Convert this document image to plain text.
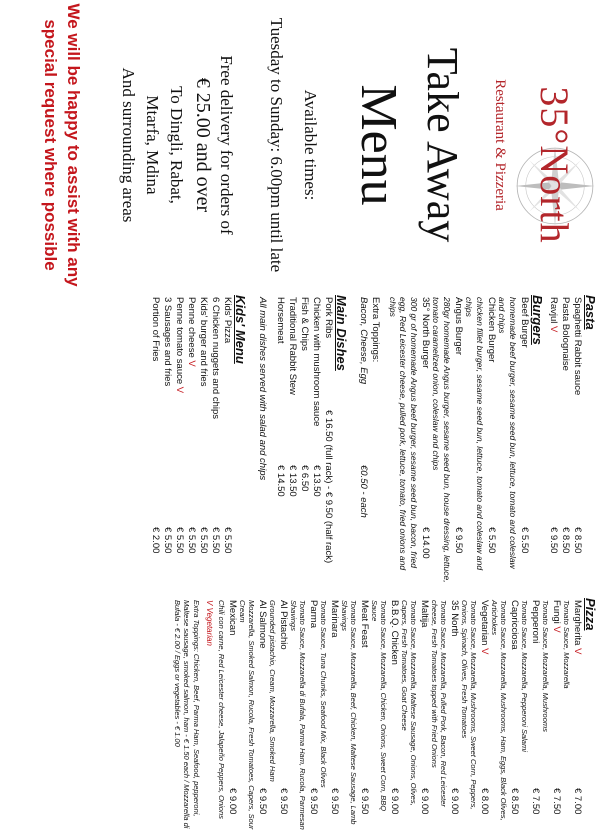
35°North
Restaurant & Pizzeria
Take Away
Menu
Available times:
Tuesday to Sunday: 6.00pm until late
Free delivery for orders of
€ 25.00 and over
To Dingli, Rabat,
Mtarfa, Mdina
And surrounding areas
We will be happy to assist with any
special request where possible
Pasta
Spaghetti Rabbit sauce
€ 8.50
Pasta Bolognaise
€ 8.50
Ravjul V
€ 9.50
Burgers
Beef Burger
€ 5.50
homemade beef burger, sesame seed bun, lettuce, tomato and coleslaw and chips
Chicken Burger
€ 5.50
chicken fillet burger, sesame seed bun, lettuce, tomato and coleslaw and chips
Angus Burger
€ 9.50
280gr homemade Angus burger, sesame seed bun, house dressing, lettuce, tomato caramelized onion, coleslaw and chips
35° North Burger
€ 14.00
300 gr of homemade Angus beef burger, sesame seed bun, bacon, fried egg, Red Leicester cheese, pulled pork, lettuce, tomato, fried onions and chips
Extra Toppings:
Bacon, Cheese, Egg
€0.50 - each
Main Dishes
Pork Ribs
€ 16.50 (full rack) - € 9.50 (half rack)
Chicken with mushroom sauce
€ 13.50
Fish & Chips
€ 6.50
Traditional Rabbit Stew
€ 13.50
Horsemeat
€ 14.50
All main dishes served with salad and chips
Kids' Menu
Kids' Pizza
€ 5.50
6 Chicken nuggets and chips
€ 5.50
Kids' burger and fries
€ 5.50
Penne cheese V
€ 5.50
Penne tomato sauce V
€ 5.50
3 Sausages and fries
€ 5.50
Portion of Fries
€ 2.00
Pizza
Margherita V
€ 7.00
Tomato Sauce, Mozzarella
Fungi V
€ 7.50
Tomato Sauce, Mozzarella, Mushrooms
Pepperoni
€ 7.50
Tomato Sauce, Mozzarella, Pepperoni Salami
Capricciosa
€ 8.50
Tomato Sauce, Mozzarella, Mushrooms, Ham, Eggs, Black Olives, Artichokes
Vegetarian V
€ 8.00
Tomato Sauce, Mozzarella, Mushrooms, Sweet Corn, Peppers, Onions, Spinach, Olives, Fresh Tomatoes
35 North
€ 9.00
Tomato Sauce, Mozzarella, Pulled Pork, Bacon, Red Leicester cheese, Fresh Tomatoes topped with Fried Onions
Maltija
€ 9.00
Tomato Sauce, Mozzarella, Maltese Sausage, Onions, Olives, Capers, Fresh Tomatoes, Goat Cheese
B.B.Q. Chicken
€ 9.00
Tomato Sauce, Mozzarella, Chicken, Onions, Sweet Corn, BBQ Sauce
Meat Feast
€ 9.50
Tomato Sauce, Mozzarella, Beef, Chicken, Maltese Sausage, Lamb Shavings
Marinara
€ 9.50
Tomato Sauce, Tuna Chunks, Seafood Mix, Black Olives
Parma
€ 9.50
Tomato Sauce, Mozzarella di Bufala, Parma Ham, Rucola, Parmesan Shavings
Al Pistachio
€ 9.50
Grounded pistachio, Cream, Mozzarella, Smoked Ham
Al Salmone
€ 9.50
Mozzarella, Smoked Salmon, Rucola, Fresh Tomatoes, Capers, Sour Cream
Mexican
€ 9.00
Chili con carne, Red Leicester cheese, Jalapeño Peppers, Onions
V Vegetarian
Extra Toppings: Chicken, Beef, Parma Ham, Seafood, pepperoni, Maltese sausage, smoked salmon, ham - € 1.50 each / Mozzarella di Bufala - € 2.00 / Eggs or vegetables - € 1.00
